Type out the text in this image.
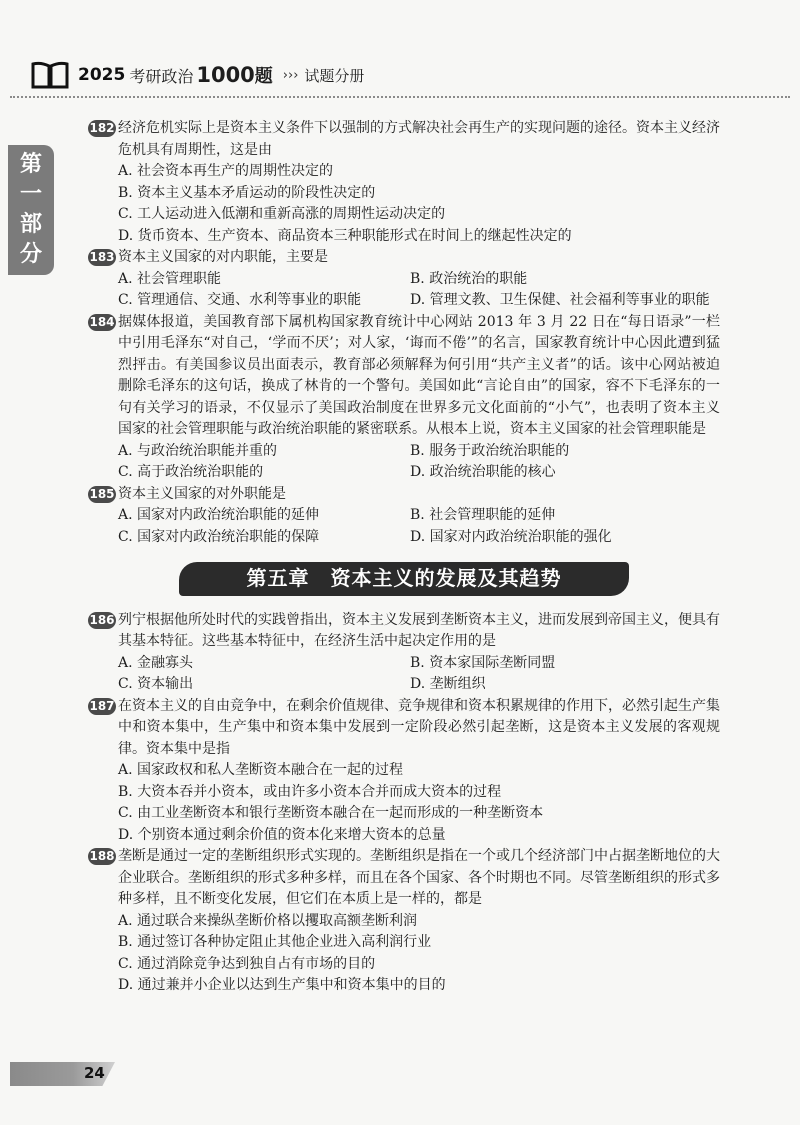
2025 考研政治 1000 题 ››› 试题分册
第
一
部
分
182 经济危机实际上是资本主义条件下以强制的方式解决社会再生产的实现问题的途径。资本主义经济危机具有周期性，这是由
A. 社会资本再生产的周期性决定的
B. 资本主义基本矛盾运动的阶段性决定的
C. 工人运动进入低潮和重新高涨的周期性运动决定的
D. 货币资本、生产资本、商品资本三种职能形式在时间上的继起性决定的
183 资本主义国家的对内职能，主要是
A. 社会管理职能	B. 政治统治的职能
C. 管理通信、交通、水利等事业的职能	D. 管理文教、卫生保健、社会福利等事业的职能
184 据媒体报道，美国教育部下属机构国家教育统计中心网站 2013 年 3 月 22 日在“每日语录”一栏中引用毛泽东“对自己，‘学而不厌’；对人家，‘诲而不倦’”的名言，国家教育统计中心因此遭到猛烈抨击。有美国参议员出面表示，教育部必须解释为何引用“共产主义者”的话。该中心网站被迫删除毛泽东的这句话，换成了林肯的一个警句。美国如此“言论自由”的国家，容不下毛泽东的一句有关学习的语录，不仅显示了美国政治制度在世界多元文化面前的“小气”，也表明了资本主义国家的社会管理职能与政治统治职能的紧密联系。从根本上说，资本主义国家的社会管理职能是
A. 与政治统治职能并重的	B. 服务于政治统治职能的
C. 高于政治统治职能的	D. 政治统治职能的核心
185 资本主义国家的对外职能是
A. 国家对内政治统治职能的延伸	B. 社会管理职能的延伸
C. 国家对内政治统治职能的保障	D. 国家对内政治统治职能的强化
第五章　资本主义的发展及其趋势
186 列宁根据他所处时代的实践曾指出，资本主义发展到垄断资本主义，进而发展到帝国主义，便具有其基本特征。这些基本特征中，在经济生活中起决定作用的是
A. 金融寡头	B. 资本家国际垄断同盟
C. 资本输出	D. 垄断组织
187 在资本主义的自由竞争中，在剩余价值规律、竞争规律和资本积累规律的作用下，必然引起生产集中和资本集中，生产集中和资本集中发展到一定阶段必然引起垄断，这是资本主义发展的客观规律。资本集中是指
A. 国家政权和私人垄断资本融合在一起的过程
B. 大资本吞并小资本，或由许多小资本合并而成大资本的过程
C. 由工业垄断资本和银行垄断资本融合在一起而形成的一种垄断资本
D. 个别资本通过剩余价值的资本化来增大资本的总量
188 垄断是通过一定的垄断组织形式实现的。垄断组织是指在一个或几个经济部门中占据垄断地位的大企业联合。垄断组织的形式多种多样，而且在各个国家、各个时期也不同。尽管垄断组织的形式多种多样，且不断变化发展，但它们在本质上是一样的，都是
A. 通过联合来操纵垄断价格以攫取高额垄断利润
B. 通过签订各种协定阻止其他企业进入高利润行业
C. 通过消除竞争达到独自占有市场的目的
D. 通过兼并小企业以达到生产集中和资本集中的目的
24
